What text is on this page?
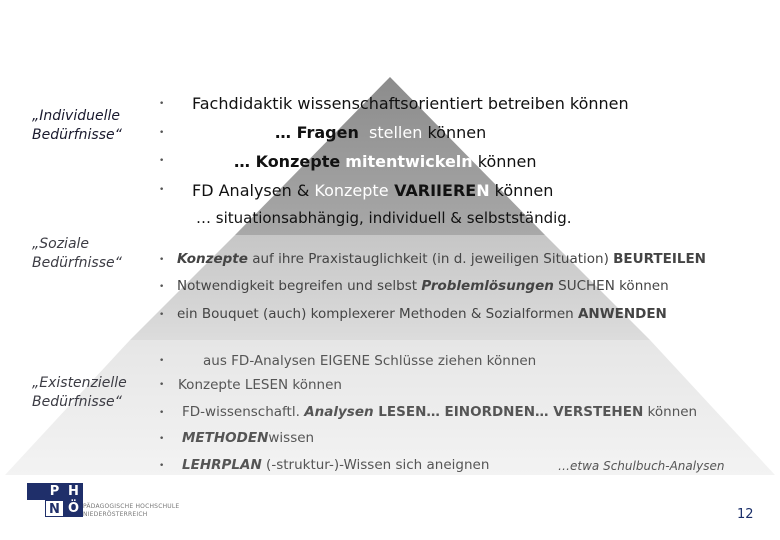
„Individuelle
Bedürfnisse“
„Soziale
Bedürfnisse“
„Existenzielle
Bedürfnisse“
•
•
•
•
Fachdidaktik wissenschaftsorientiert betreiben können
… Fragen stellen können
… Konzepte mitentwickeln können
FD Analysen & Konzepte VARIIEREN können
… situationsabhängig, individuell & selbstständig.
•
•
•
Konzepte auf ihre Praxistauglichkeit (in d. jeweiligen Situation) BEURTEILEN
Notwendigkeit begreifen und selbst Problemlösungen SUCHEN können
ein Bouquet (auch) komplexerer Methoden & Sozialformen ANWENDEN
•
•
•
•
•
aus FD-Analysen EIGENE Schlüsse ziehen können
Konzepte LESEN können
FD-wissenschaftl. Analysen LESEN… EINORDNEN… VERSTEHEN können
METHODENwissen
LEHRPLAN (-struktur-)-Wissen sich aneignen	…etwa Schulbuch-Analysen
P H
N Ö PÄDAGOGISCHE HOCHSCHULE
NIEDERÖSTERREICH	12
